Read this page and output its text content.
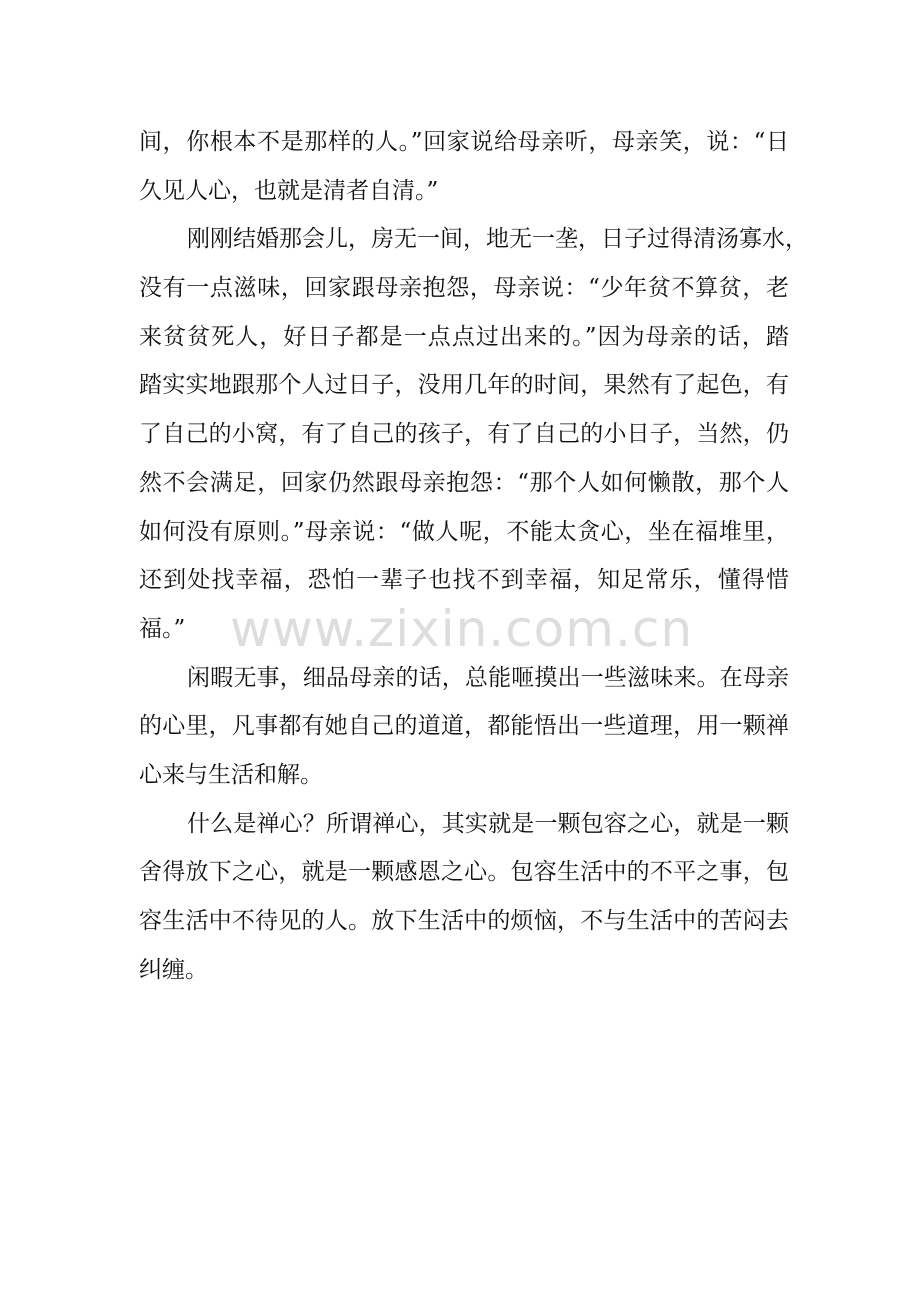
间，你根本不是那样的人。”回家说给母亲听，母亲笑，说：“日
久见人心，也就是清者自清。”
刚刚结婚那会儿，房无一间，地无一垄，日子过得清汤寡水，
没有一点滋味，回家跟母亲抱怨，母亲说：“少年贫不算贫，老
来贫贫死人，好日子都是一点点过出来的。”因为母亲的话，踏
踏实实地跟那个人过日子，没用几年的时间，果然有了起色，有
了自己的小窝，有了自己的孩子，有了自己的小日子，当然，仍
然不会满足，回家仍然跟母亲抱怨：“那个人如何懒散，那个人
如何没有原则。”母亲说：“做人呢，不能太贪心，坐在福堆里，
还到处找幸福，恐怕一辈子也找不到幸福，知足常乐，懂得惜
福。”
闲暇无事，细品母亲的话，总能咂摸出一些滋味来。在母亲
的心里，凡事都有她自己的道道，都能悟出一些道理，用一颗禅
心来与生活和解。
什么是禅心？所谓禅心，其实就是一颗包容之心，就是一颗
舍得放下之心，就是一颗感恩之心。包容生活中的不平之事，包
容生活中不待见的人。放下生活中的烦恼，不与生活中的苦闷去
纠缠。
www.zixin.com.cn
